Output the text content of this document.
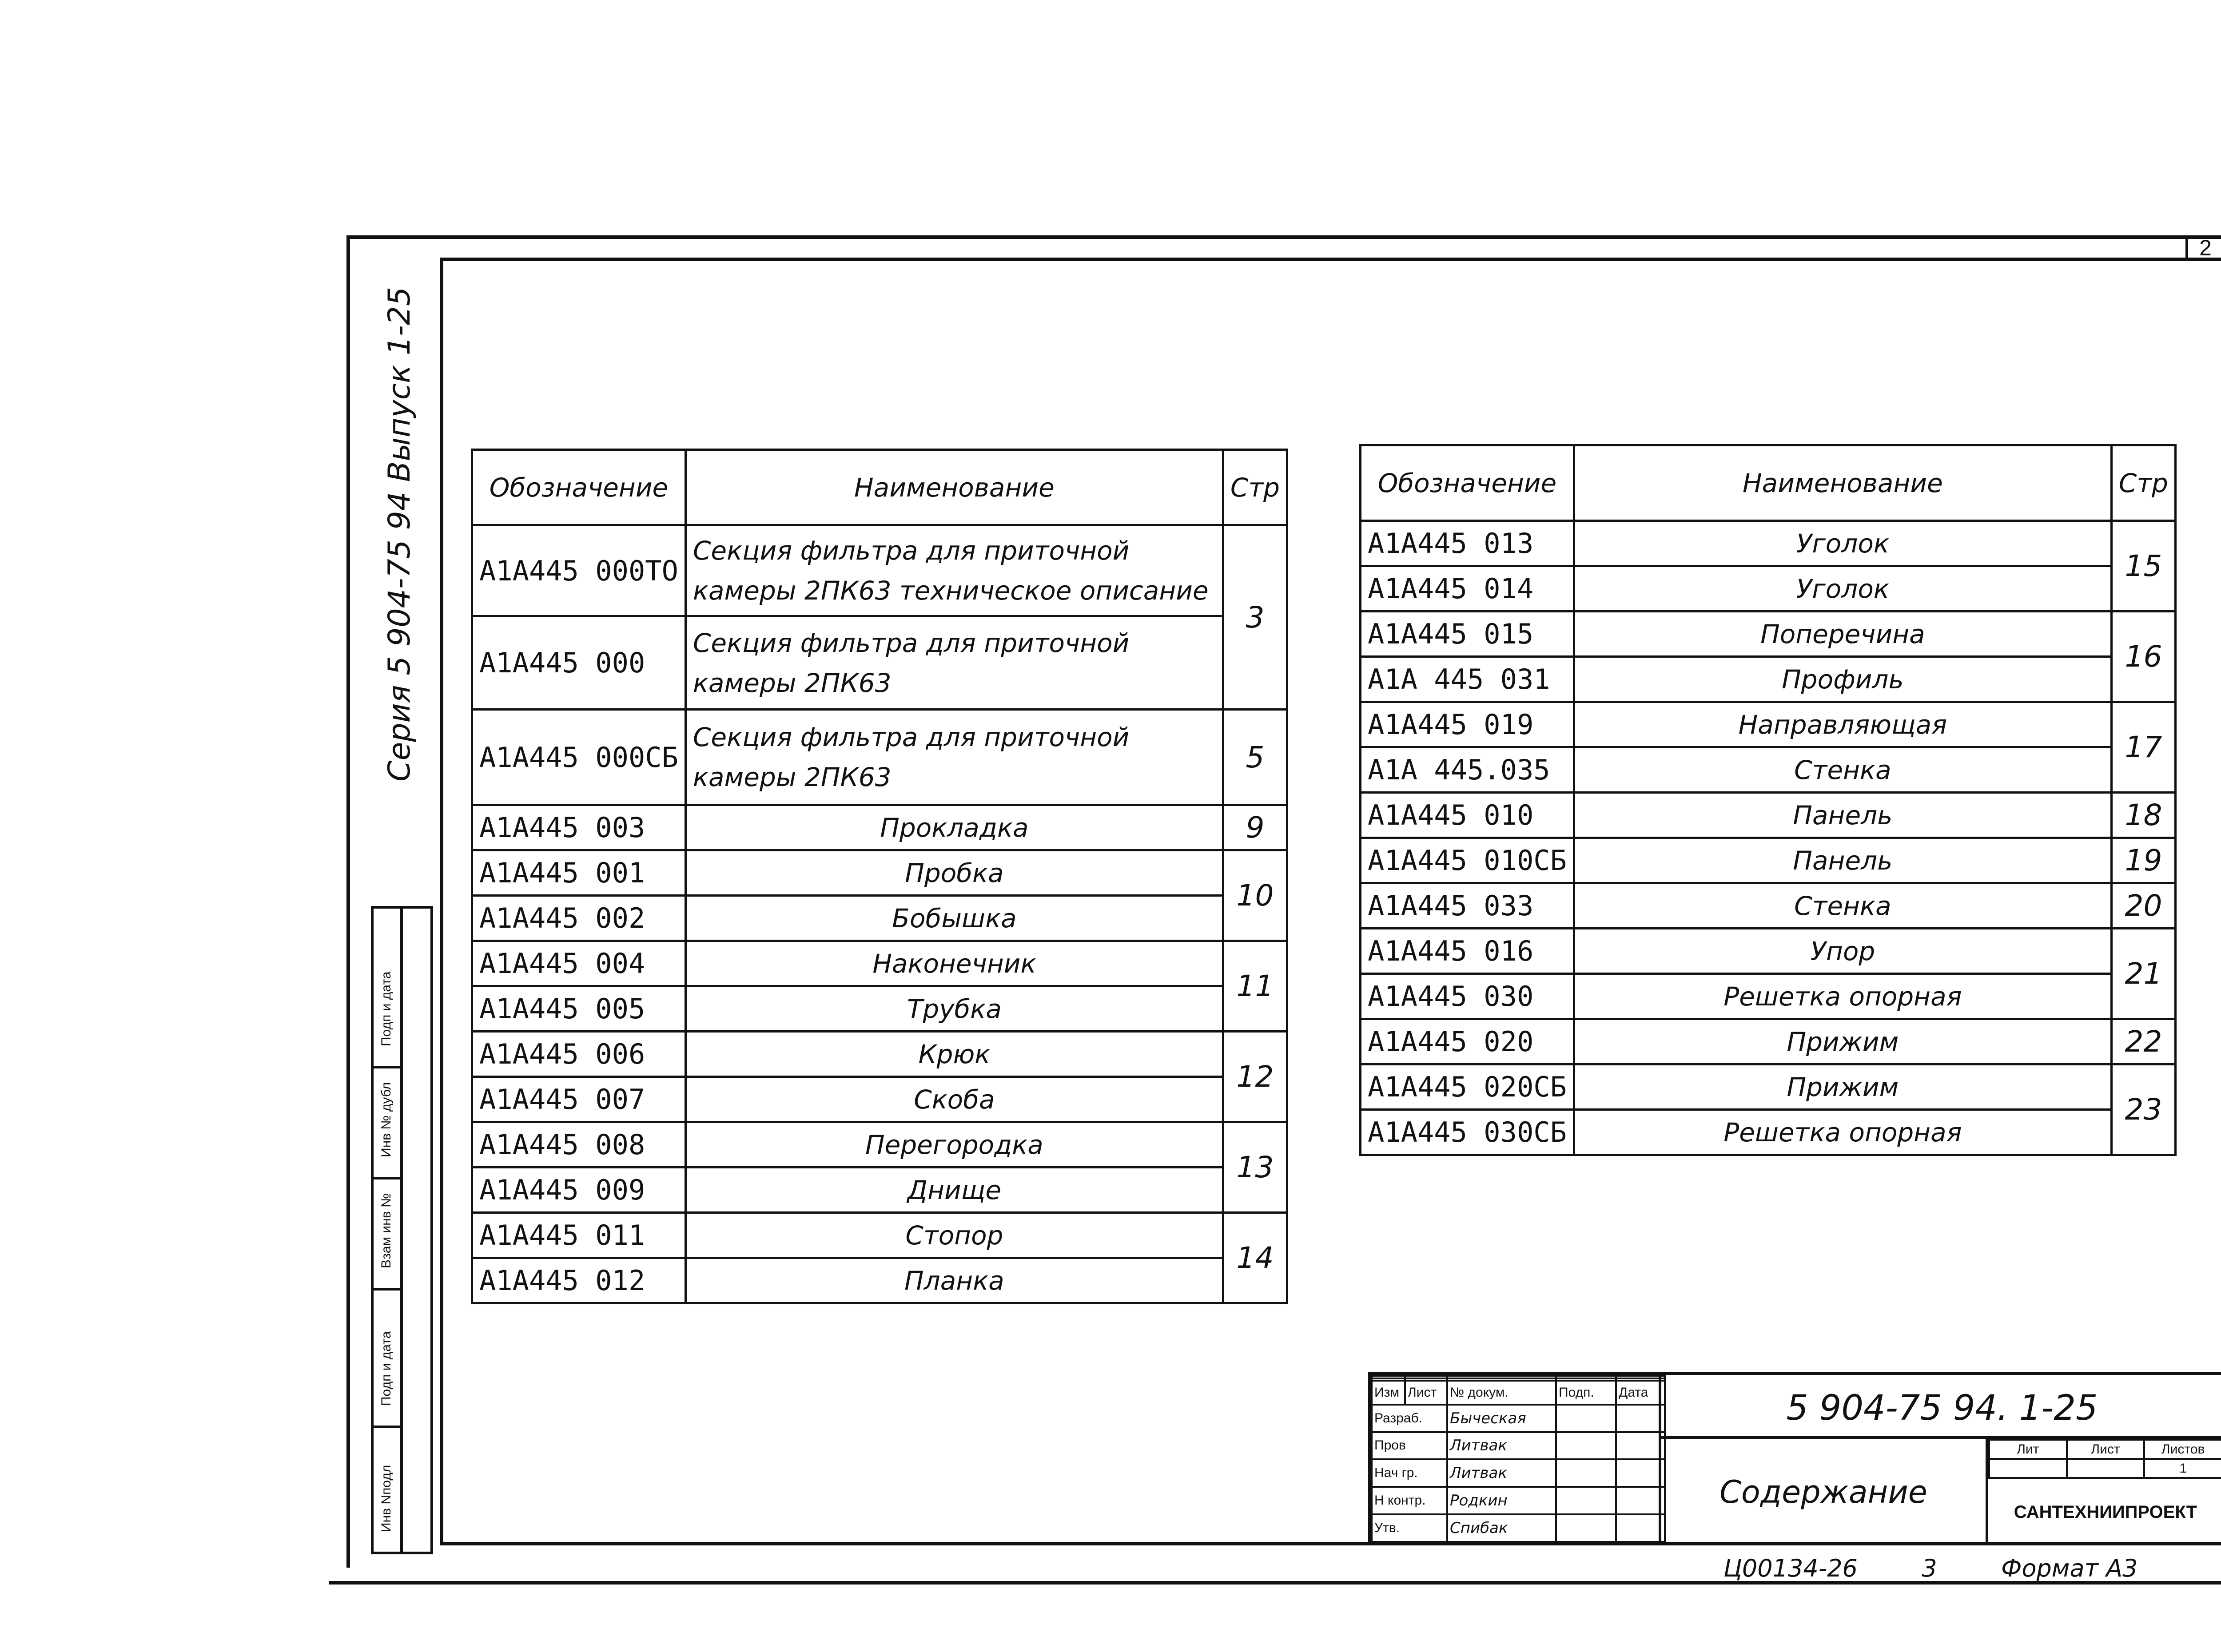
2
Серия 5 904-75 94 Выпуск 1-25
Подп и дата
Инв № дубл
Взам инв №
Подп и дата
Инв Nподл
Обозначение	Наименование	Стр
А1А445 000ТО	Секция фильтра для приточной камеры 2ПК63 техническое описание	3
А1А445 000	Секция фильтра для приточной камеры 2ПК63	
А1А445 000СБ	Секция фильтра для приточной камеры 2ПК63	5
А1А445 003	Прокладка	9
А1А445 001	Пробка	10
А1А445 002	Бобышка	
А1А445 004	Наконечник	11
А1А445 005	Трубка	
А1А445 006	Крюк	12
А1А445 007	Скоба	
А1А445 008	Перегородка	13
А1А445 009	Днище	
А1А445 011	Стопор	14
А1А445 012	Планка	
Обозначение	Наименование	Стр
А1А445 013	Уголок	15
А1А445 014	Уголок	
А1А445 015	Поперечина	16
А1А 445 031	Профиль	
А1А445 019	Направляющая	17
А1А 445.035	Стенка	
А1А445 010	Панель	18
А1А445 010СБ	Панель	19
А1А445 033	Стенка	20
А1А445 016	Упор	21
А1А445 030	Решетка опорная	
А1А445 020	Прижим	22
А1А445 020СБ	Прижим	23
А1А445 030СБ	Решетка опорная	

Изм	Лист	№ докум.	Подп.	Дата
Разраб.		Быческая		
Пров		Литвак		
Нач гр.		Литвак		
Н контр.		Родкин		
Утв.		Спибак		
5 904-75 94. 1-25
Содержание
Лит	Лист	Листов
		1
САНТЕХНИИПРОЕКТ
Ц00134-26	3	Формат А3
